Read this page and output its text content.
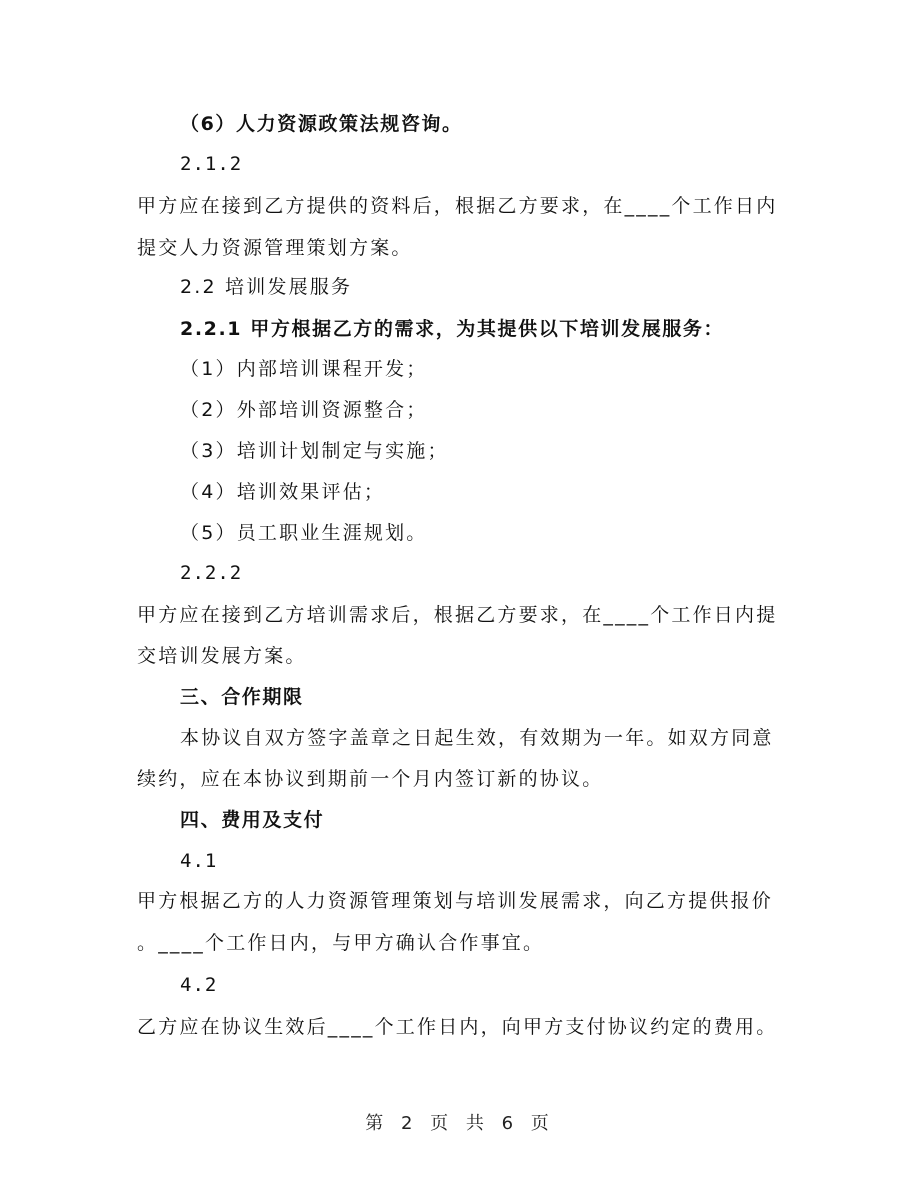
（6）人力资源政策法规咨询。
2.1.2
甲方应在接到乙方提供的资料后，根据乙方要求，在____个工作日内
提交人力资源管理策划方案。
2.2 培训发展服务
2.2.1 甲方根据乙方的需求，为其提供以下培训发展服务：
（1）内部培训课程开发；
（2）外部培训资源整合；
（3）培训计划制定与实施；
（4）培训效果评估；
（5）员工职业生涯规划。
2.2.2
甲方应在接到乙方培训需求后，根据乙方要求，在____个工作日内提
交培训发展方案。
三、合作期限
本协议自双方签字盖章之日起生效，有效期为一年。如双方同意
续约，应在本协议到期前一个月内签订新的协议。
四、费用及支付
4.1
甲方根据乙方的人力资源管理策划与培训发展需求，向乙方提供报价
。____个工作日内，与甲方确认合作事宜。
4.2
乙方应在协议生效后____个工作日内，向甲方支付协议约定的费用。
第 2 页 共 6 页
